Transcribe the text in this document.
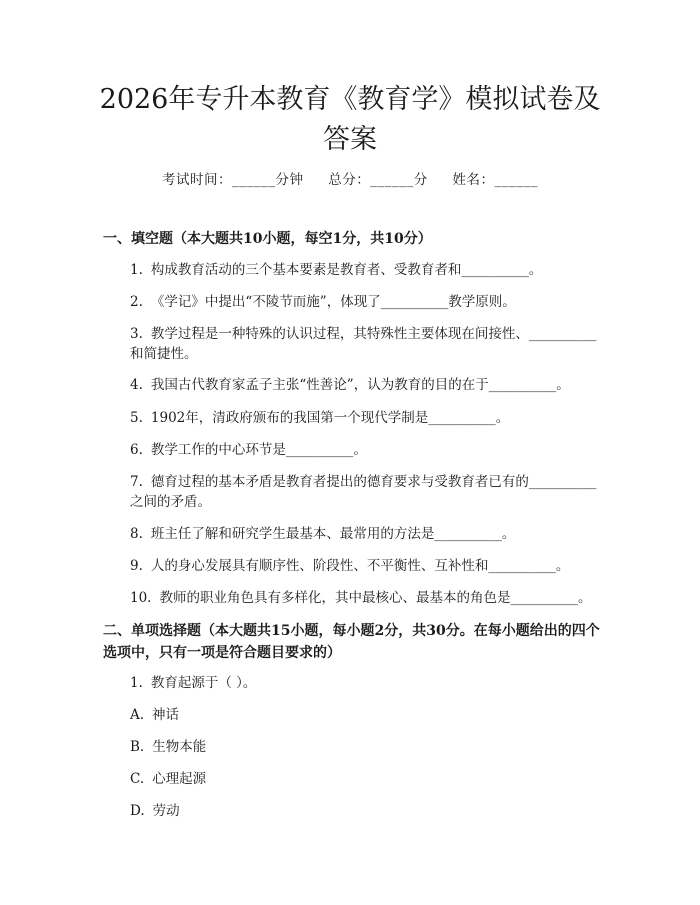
2026年专升本教育《教育学》模拟试卷及答案
考试时间：______分钟 总分：______分 姓名：______
一、填空题（本大题共10小题，每空1分，共10分）
1. 构成教育活动的三个基本要素是教育者、受教育者和__________。
2. 《学记》中提出“不陵节而施”，体现了__________教学原则。
3. 教学过程是一种特殊的认识过程，其特殊性主要体现在间接性、__________和简捷性。
4. 我国古代教育家孟子主张“性善论”，认为教育的目的在于__________。
5. 1902年，清政府颁布的我国第一个现代学制是__________。
6. 教学工作的中心环节是__________。
7. 德育过程的基本矛盾是教育者提出的德育要求与受教育者已有的__________之间的矛盾。
8. 班主任了解和研究学生最基本、最常用的方法是__________。
9. 人的身心发展具有顺序性、阶段性、不平衡性、互补性和__________。
10. 教师的职业角色具有多样化，其中最核心、最基本的角色是__________。
二、单项选择题（本大题共15小题，每小题2分，共30分。在每小题给出的四个选项中，只有一项是符合题目要求的）
1. 教育起源于（ ）。
A. 神话
B. 生物本能
C. 心理起源
D. 劳动
